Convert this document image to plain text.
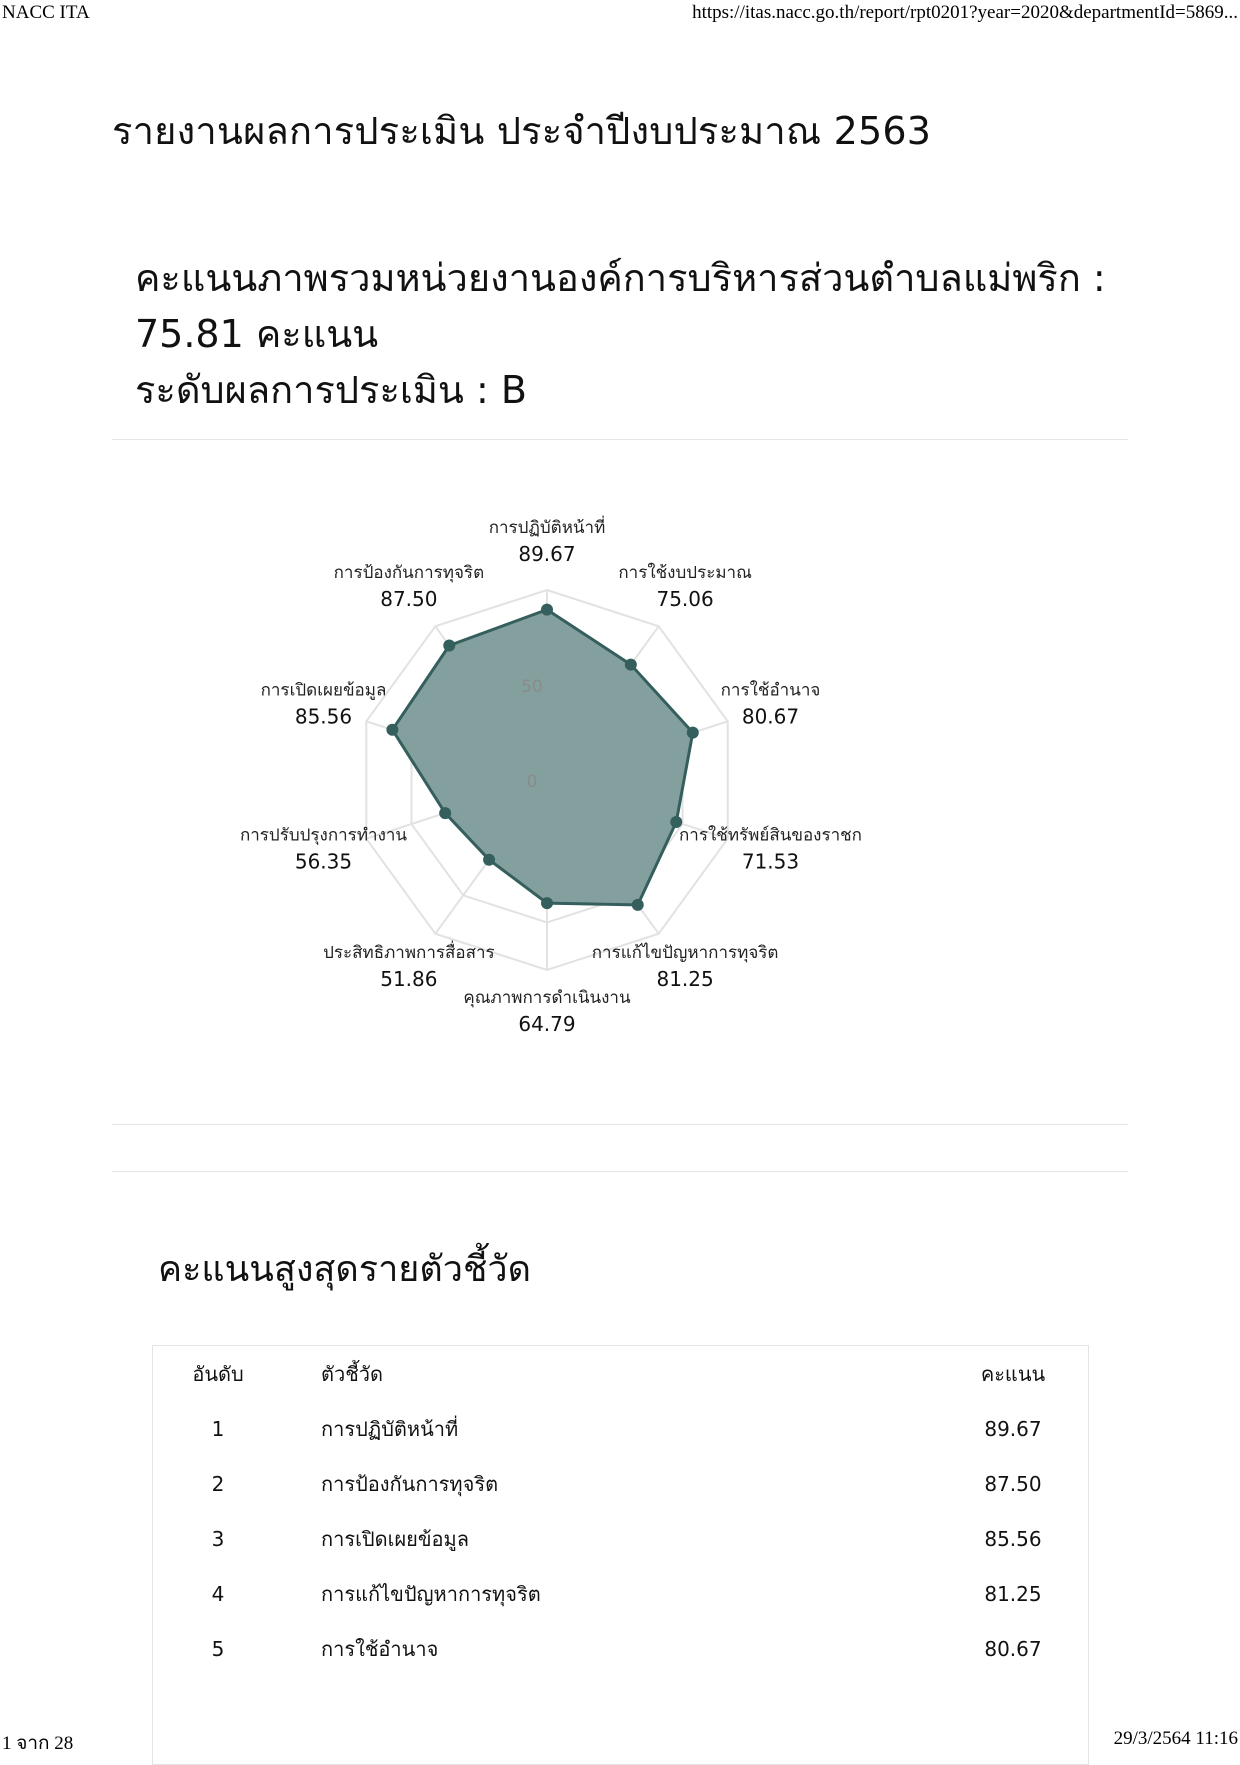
NACC ITA	https://itas.nacc.go.th/report/rpt0201?year=2020&departmentId=5869...
รายงานผลการประเมิน ประจำปีงบประมาณ 2563
คะแนนภาพรวมหน่วยงานองค์การบริหารส่วนตำบลแม่พริก :
75.81 คะแนน
ระดับผลการประเมิน : B
0
50
การปฏิบัติหน้าที่
89.67
การใช้งบประมาณ
75.06
การใช้อำนาจ
80.67
การใช้ทรัพย์สินของราชก
71.53
การแก้ไขปัญหาการทุจริต
81.25
คุณภาพการดำเนินงาน
64.79
ประสิทธิภาพการสื่อสาร
51.86
การปรับปรุงการทำงาน
56.35
การเปิดเผยข้อมูล
85.56
การป้องกันการทุจริต
87.50
คะแนนสูงสุดรายตัวชี้วัด
อันดับ	ตัวชี้วัด	คะแนน
1	การปฏิบัติหน้าที่	89.67
2	การป้องกันการทุจริต	87.50
3	การเปิดเผยข้อมูล	85.56
4	การแก้ไขปัญหาการทุจริต	81.25
5	การใช้อำนาจ	80.67
1 จาก 28	29/3/2564 11:16
